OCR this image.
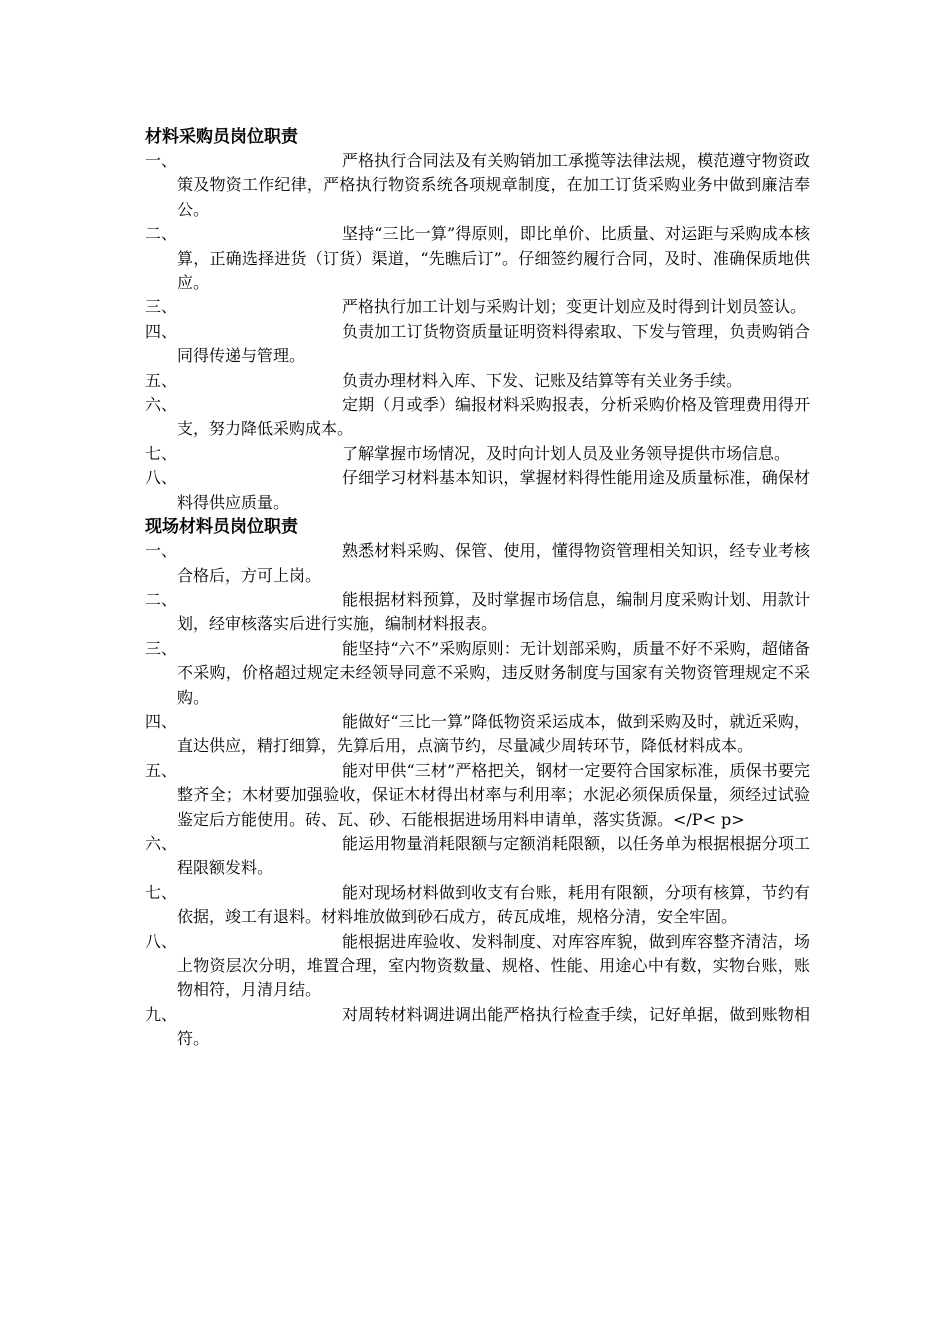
材料采购员岗位职责
一、	严格执行合同法及有关购销加工承揽等法律法规，模范遵守物资政策及物资工作纪律，严格执行物资系统各项规章制度，在加工订货采购业务中做到廉洁奉公。
二、	坚持“三比一算”得原则，即比单价、比质量、对运距与采购成本核算，正确选择进货（订货）渠道，“先瞧后订”。仔细签约履行合同，及时、准确保质地供应。
三、	严格执行加工计划与采购计划；变更计划应及时得到计划员签认。
四、	负责加工订货物资质量证明资料得索取、下发与管理，负责购销合同得传递与管理。
五、	负责办理材料入库、下发、记账及结算等有关业务手续。
六、	定期（月或季）编报材料采购报表，分析采购价格及管理费用得开支，努力降低采购成本。
七、	了解掌握市场情况，及时向计划人员及业务领导提供市场信息。
八、	仔细学习材料基本知识，掌握材料得性能用途及质量标准，确保材料得供应质量。
现场材料员岗位职责
一、	熟悉材料采购、保管、使用，懂得物资管理相关知识，经专业考核合格后，方可上岗。
二、	能根据材料预算，及时掌握市场信息，编制月度采购计划、用款计划，经审核落实后进行实施，编制材料报表。
三、	能坚持“六不”采购原则：无计划部采购，质量不好不采购，超储备不采购，价格超过规定未经领导同意不采购，违反财务制度与国家有关物资管理规定不采购。
四、	能做好“三比一算”降低物资采运成本，做到采购及时，就近采购，直达供应，精打细算，先算后用，点滴节约，尽量减少周转环节，降低材料成本。
五、	能对甲供“三材”严格把关，钢材一定要符合国家标准，质保书要完整齐全；木材要加强验收，保证木材得出材率与利用率；水泥必须保质保量，须经过试验鉴定后方能使用。砖、瓦、砂、石能根据进场用料申请单，落实货源。</P< p>
六、	能运用物量消耗限额与定额消耗限额，以任务单为根据根据分项工程限额发料。
七、	能对现场材料做到收支有台账，耗用有限额，分项有核算，节约有依据，竣工有退料。材料堆放做到砂石成方，砖瓦成堆，规格分清，安全牢固。
八、	能根据进库验收、发料制度、对库容库貌，做到库容整齐清洁，场上物资层次分明，堆置合理，室内物资数量、规格、性能、用途心中有数，实物台账，账物相符，月清月结。
九、	对周转材料调进调出能严格执行检查手续，记好单据，做到账物相符。
